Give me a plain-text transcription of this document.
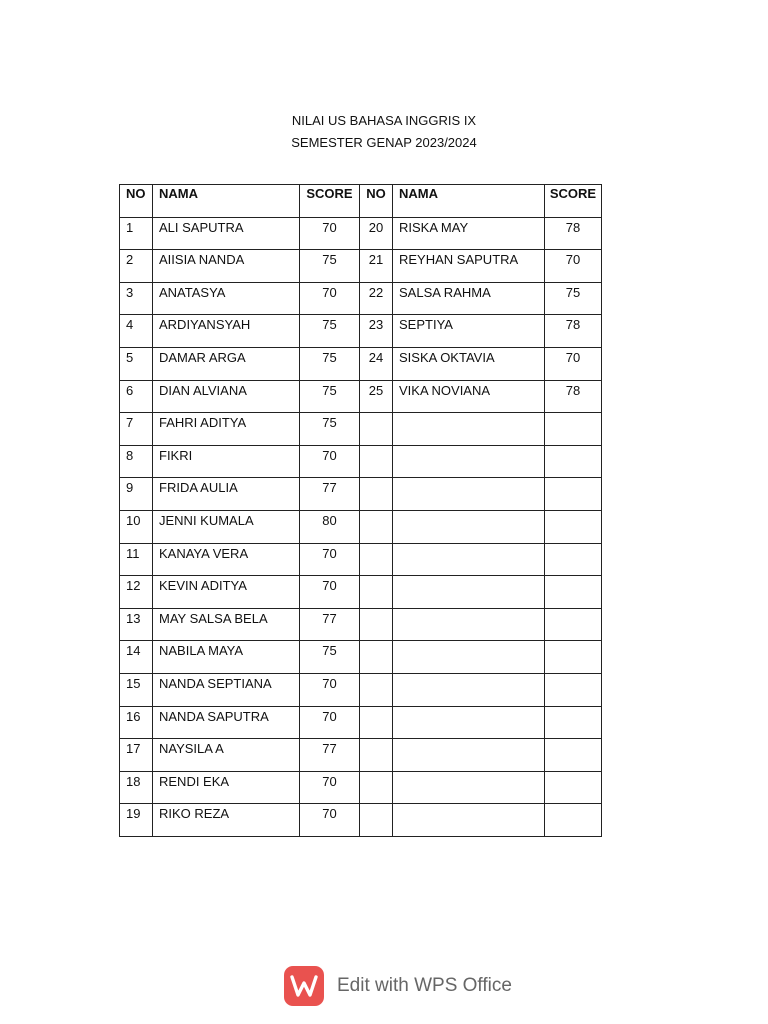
NILAI US BAHASA INGGRIS IX
SEMESTER GENAP 2023/2024
NO	NAMA	SCORE	NO	NAMA	SCORE
1	ALI SAPUTRA	70	20	RISKA MAY	78
2	AIISIA NANDA	75	21	REYHAN SAPUTRA	70
3	ANATASYA	70	22	SALSA RAHMA	75
4	ARDIYANSYAH	75	23	SEPTIYA	78
5	DAMAR ARGA	75	24	SISKA OKTAVIA	70
6	DIAN ALVIANA	75	25	VIKA NOVIANA	78
7	FAHRI ADITYA	75			
8	FIKRI	70			
9	FRIDA AULIA	77			
10	JENNI KUMALA	80			
11	KANAYA VERA	70			
12	KEVIN ADITYA	70			
13	MAY SALSA BELA	77			
14	NABILA MAYA	75			
15	NANDA SEPTIANA	70			
16	NANDA SAPUTRA	70			
17	NAYSILA A	77			
18	RENDI EKA	70			
19	RIKO REZA	70			
Edit with WPS Office
